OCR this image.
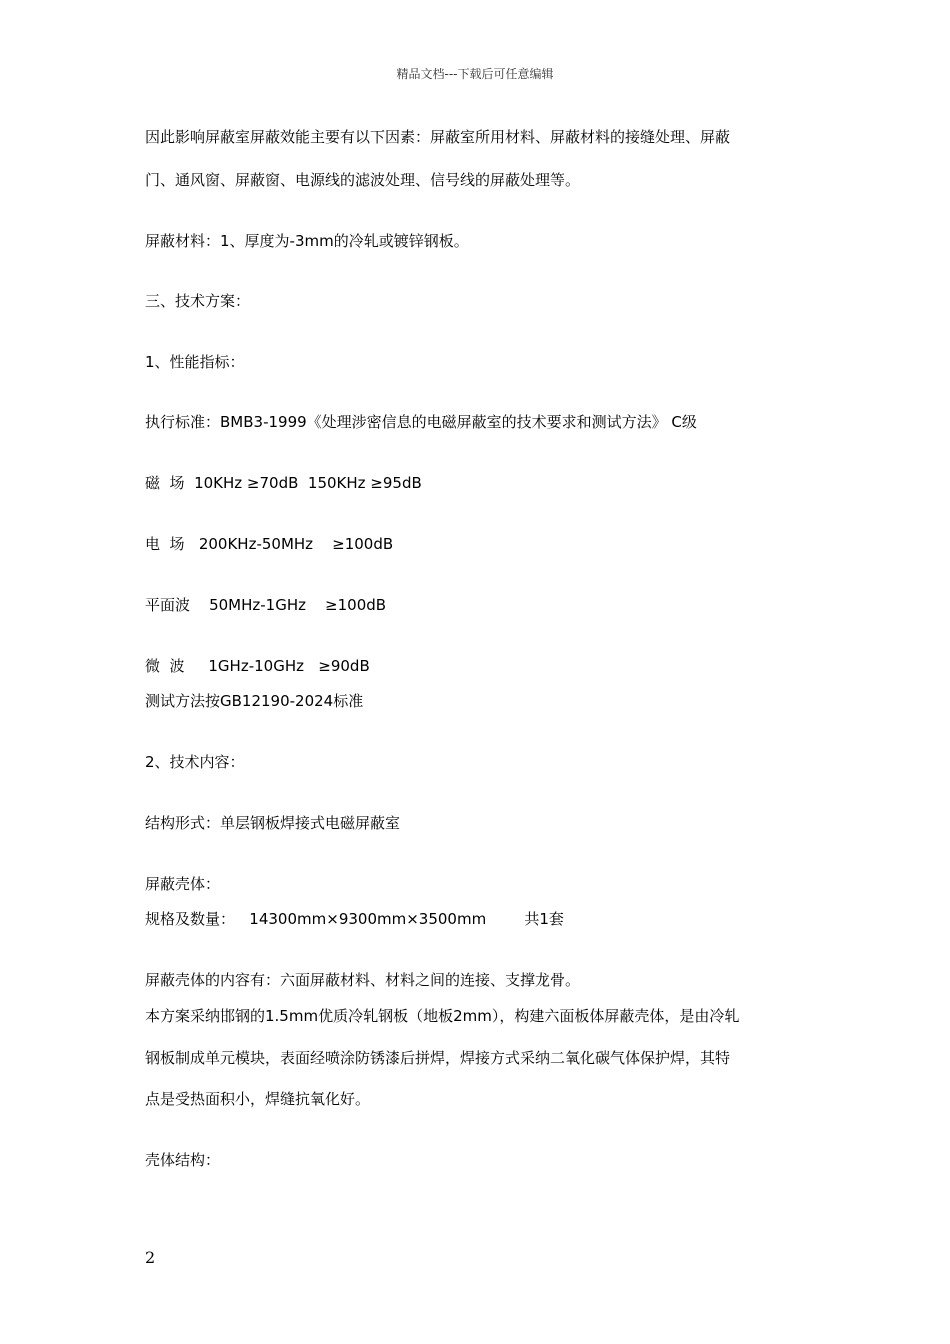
精品文档---下载后可任意编辑
因此影响屏蔽室屏蔽效能主要有以下因素：屏蔽室所用材料、屏蔽材料的接缝处理、屏蔽
门、通风窗、屏蔽窗、电源线的滤波处理、信号线的屏蔽处理等。
屏蔽材料：1、厚度为-3mm的冷轧或镀锌钢板。
三、技术方案：
1、性能指标：
执行标准：BMB3-1999《处理涉密信息的电磁屏蔽室的技术要求和测试方法》 C级
磁  场  10KHz ≥70dB  150KHz ≥95dB
电  场   200KHz-50MHz    ≥100dB
平面波    50MHz-1GHz    ≥100dB
微  波     1GHz-10GHz   ≥90dB
测试方法按GB12190-2024标准
2、技术内容：
结构形式：单层钢板焊接式电磁屏蔽室
屏蔽壳体：
规格及数量：   14300mm×9300mm×3500mm        共1套
屏蔽壳体的内容有：六面屏蔽材料、材料之间的连接、支撑龙骨。
本方案采纳邯钢的1.5mm优质冷轧钢板（地板2mm），构建六面板体屏蔽壳体，是由冷轧
钢板制成单元模块，表面经喷涂防锈漆后拼焊，焊接方式采纳二氧化碳气体保护焊，其特
点是受热面积小，焊缝抗氧化好。
壳体结构：
2
